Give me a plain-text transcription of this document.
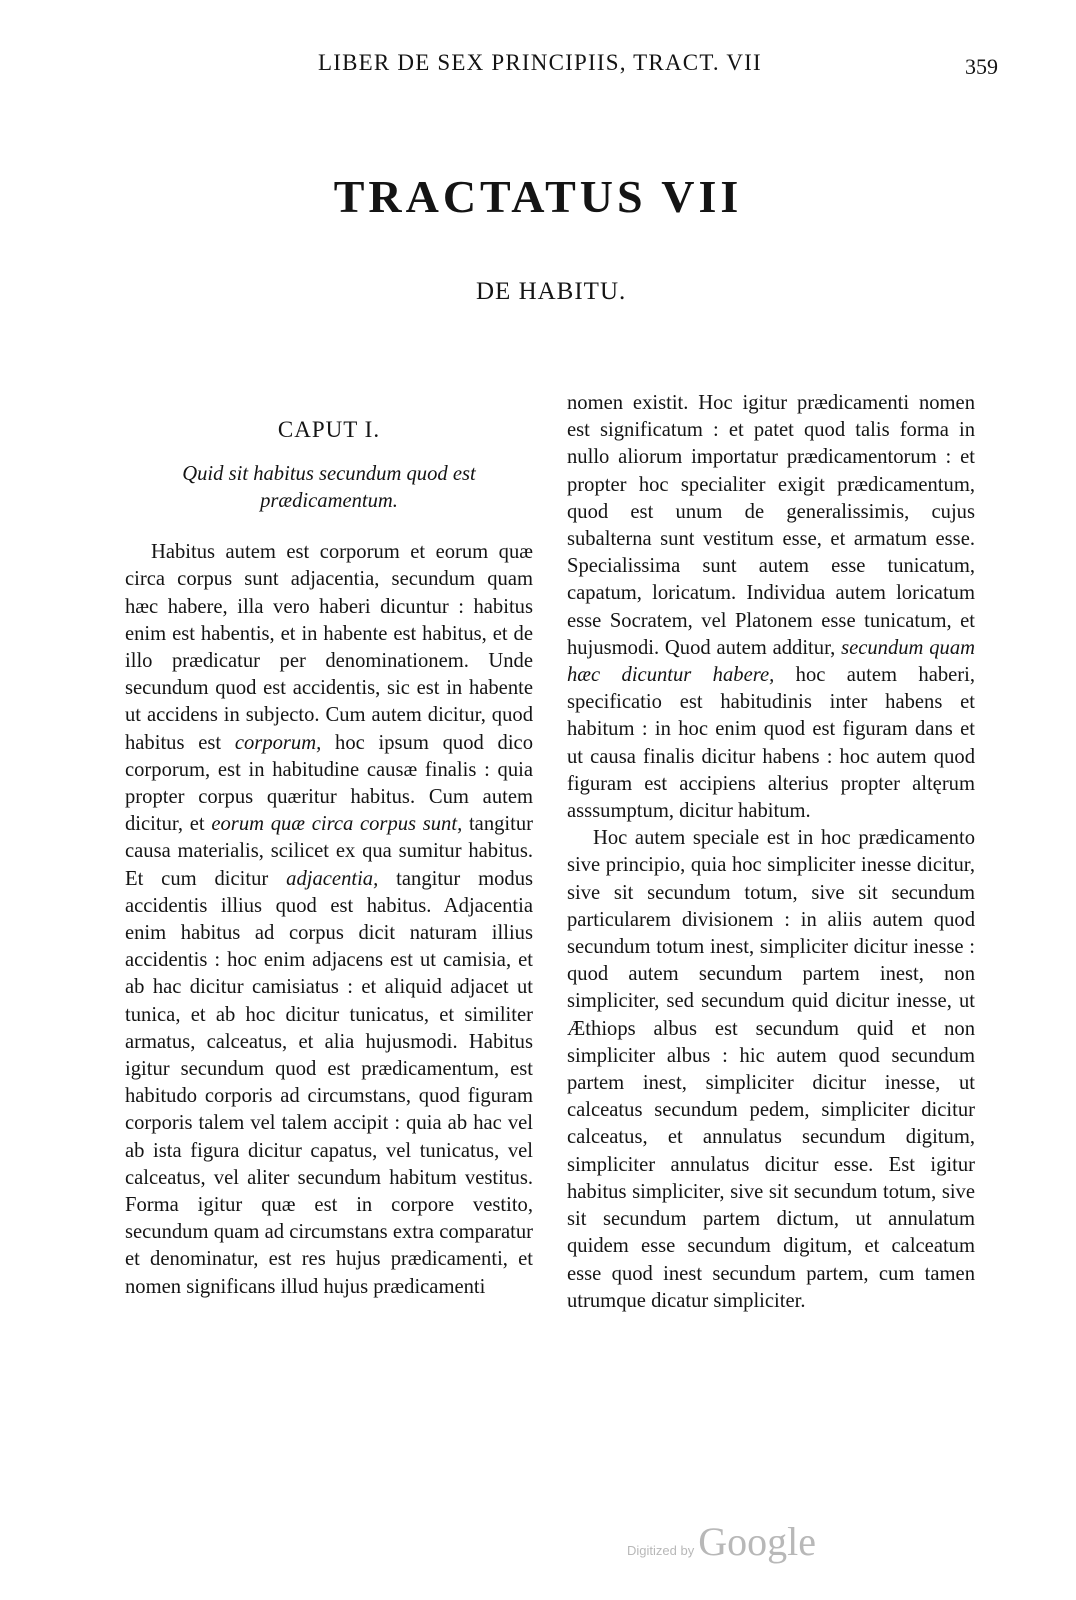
LIBER DE SEX PRINCIPIIS, TRACT. VII	359
TRACTATUS VII
DE HABITU.
CAPUT I.
Quid sit habitus secundum quod est prædicamentum.

Habitus autem est corporum et eorum quæ circa corpus sunt adjacentia, secundum quam hæc habere, illa vero haberi dicuntur : habitus enim est habentis, et in habente est habitus, et de illo prædicatur per denominationem. Unde secundum quod est accidentis, sic est in habente ut accidens in subjecto. Cum autem dicitur, quod habitus est corporum, hoc ipsum quod dico corporum, est in habitudine causæ finalis : quia propter corpus quæritur habitus. Cum autem dicitur, et eorum quæ circa corpus sunt, tangitur causa materialis, scilicet ex qua sumitur habitus. Et cum dicitur adjacentia, tangitur modus accidentis illius quod est habitus. Adjacentia enim habitus ad corpus dicit naturam illius accidentis : hoc enim adjacens est ut camisia, et ab hac dicitur camisiatus : et aliquid adjacet ut tunica, et ab hoc dicitur tunicatus, et similiter armatus, calceatus, et alia hujusmodi. Habitus igitur secundum quod est prædicamentum, est habitudo corporis ad circumstans, quod figuram corporis talem vel talem accipit : quia ab hac vel ab ista figura dicitur capatus, vel tunicatus, vel calceatus, vel aliter secundum habitum vestitus. Forma igitur quæ est in corpore vestito, secundum quam ad circumstans extra comparatur et denominatur, est res hujus prædicamenti, et nomen significans illud hujus prædicamenti

nomen existit. Hoc igitur prædicamenti nomen est significatum : et patet quod talis forma in nullo aliorum importatur prædicamentorum : et propter hoc specialiter exigit prædicamentum, quod est unum de generalissimis, cujus subalterna sunt vestitum esse, et armatum esse. Specialissima sunt autem esse tunicatum, capatum, loricatum. Individua autem loricatum esse Socratem, vel Platonem esse tunicatum, et hujusmodi. Quod autem additur, secundum quam hæc dicuntur habere, hoc autem haberi, specificatio est habitudinis inter habens et habitum : in hoc enim quod est figuram dans et ut causa finalis dicitur habens : hoc autem quod figuram est accipiens alterius propter altęrum asssumptum, dicitur habitum.

Hoc autem speciale est in hoc prædicamento sive principio, quia hoc simpliciter inesse dicitur, sive sit secundum totum, sive sit secundum particularem divisionem : in aliis autem quod secundum totum inest, simpliciter dicitur inesse : quod autem secundum partem inest, non simpliciter, sed secundum quid dicitur inesse, ut Æthiops albus est secundum quid et non simpliciter albus : hic autem quod secundum partem inest, simpliciter dicitur inesse, ut calceatus secundum pedem, simpliciter dicitur calceatus, et annulatus secundum digitum, simpliciter annulatus dicitur esse. Est igitur habitus simpliciter, sive sit secundum totum, sive sit secundum partem dictum, ut annulatum quidem esse secundum digitum, et calceatum esse quod inest secundum partem, cum tamen utrumque dicatur simpliciter.

Digitized by Google
